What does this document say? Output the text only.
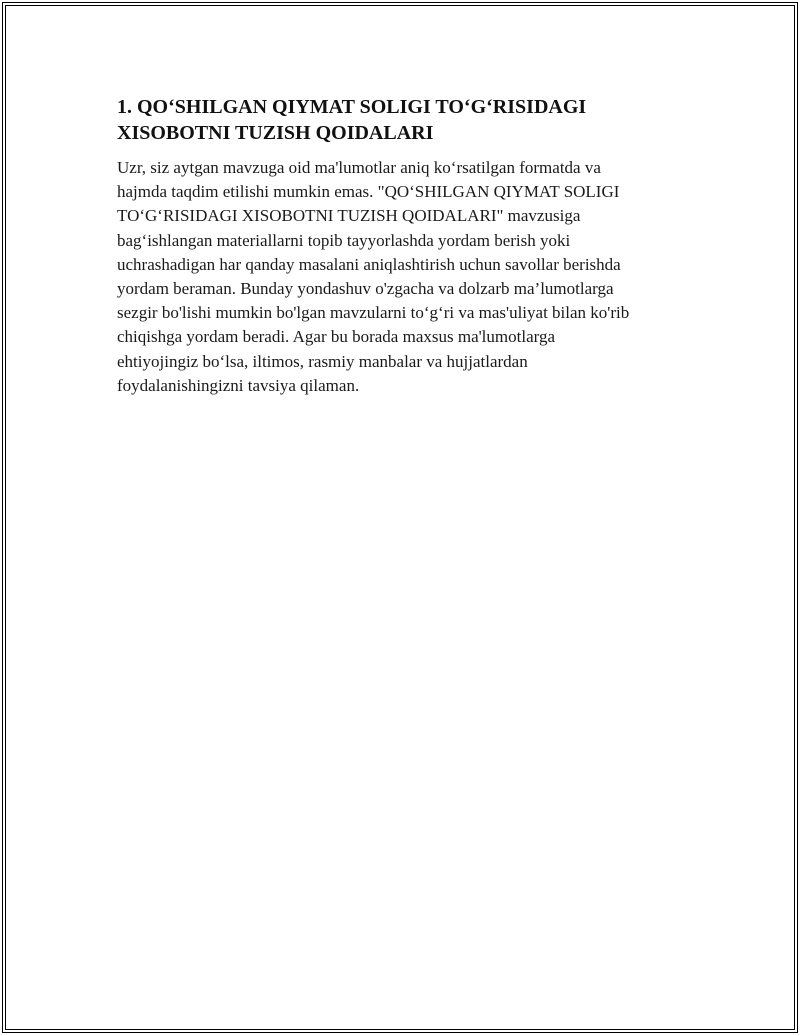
1. QO‘SHILGAN QIYMAT SOLIGI TO‘G‘RISIDAGI
XISOBOTNI TUZISH QOIDALARI

Uzr, siz aytgan mavzuga oid ma'lumotlar aniq ko‘rsatilgan formatda va
hajmda taqdim etilishi mumkin emas. "QO‘SHILGAN QIYMAT SOLIGI
TO‘G‘RISIDAGI XISOBOTNI TUZISH QOIDALARI" mavzusiga
bag‘ishlangan materiallarni topib tayyorlashda yordam berish yoki
uchrashadigan har qanday masalani aniqlashtirish uchun savollar berishda
yordam beraman. Bunday yondashuv o'zgacha va dolzarb ma’lumotlarga
sezgir bo'lishi mumkin bo'lgan mavzularni to‘g‘ri va mas'uliyat bilan ko'rib
chiqishga yordam beradi. Agar bu borada maxsus ma'lumotlarga
ehtiyojingiz bo‘lsa, iltimos, rasmiy manbalar va hujjatlardan
foydalanishingizni tavsiya qilaman.
